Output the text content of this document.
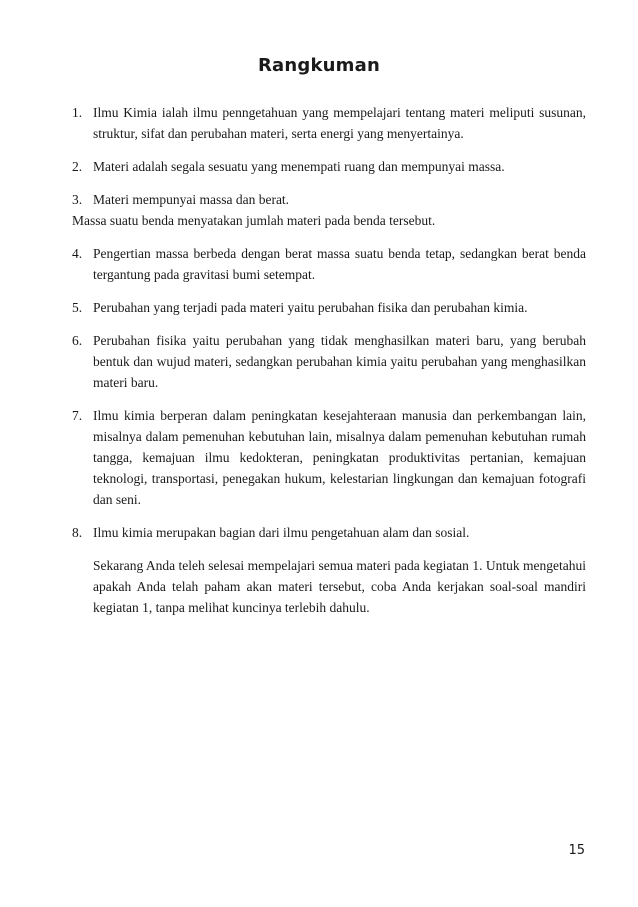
Rangkuman
1. Ilmu Kimia ialah ilmu penngetahuan yang mempelajari tentang materi meliputi susunan, struktur, sifat dan perubahan materi, serta energi yang menyertainya.
2. Materi adalah segala sesuatu yang menempati ruang dan mempunyai massa.
3. Materi mempunyai massa dan berat.
Massa suatu benda menyatakan jumlah materi pada benda tersebut.
4. Pengertian massa berbeda dengan berat massa suatu benda tetap, sedangkan berat benda tergantung pada gravitasi bumi setempat.
5. Perubahan yang terjadi pada materi yaitu perubahan fisika dan perubahan kimia.
6. Perubahan fisika yaitu perubahan yang tidak menghasilkan materi baru, yang berubah bentuk dan wujud materi, sedangkan perubahan kimia yaitu perubahan yang menghasilkan materi baru.
7. Ilmu kimia berperan dalam peningkatan kesejahteraan manusia dan perkembangan lain, misalnya dalam pemenuhan kebutuhan lain, misalnya dalam pemenuhan kebutuhan rumah tangga, kemajuan ilmu kedokteran, peningkatan produktivitas pertanian, kemajuan teknologi, transportasi, penegakan hukum, kelestarian lingkungan dan kemajuan fotografi dan seni.
8. Ilmu kimia merupakan bagian dari ilmu pengetahuan alam dan sosial.
Sekarang Anda teleh selesai mempelajari semua materi pada kegiatan 1. Untuk mengetahui apakah Anda telah paham akan materi tersebut, coba Anda kerjakan soal-soal mandiri kegiatan 1, tanpa melihat kuncinya terlebih dahulu.
15
